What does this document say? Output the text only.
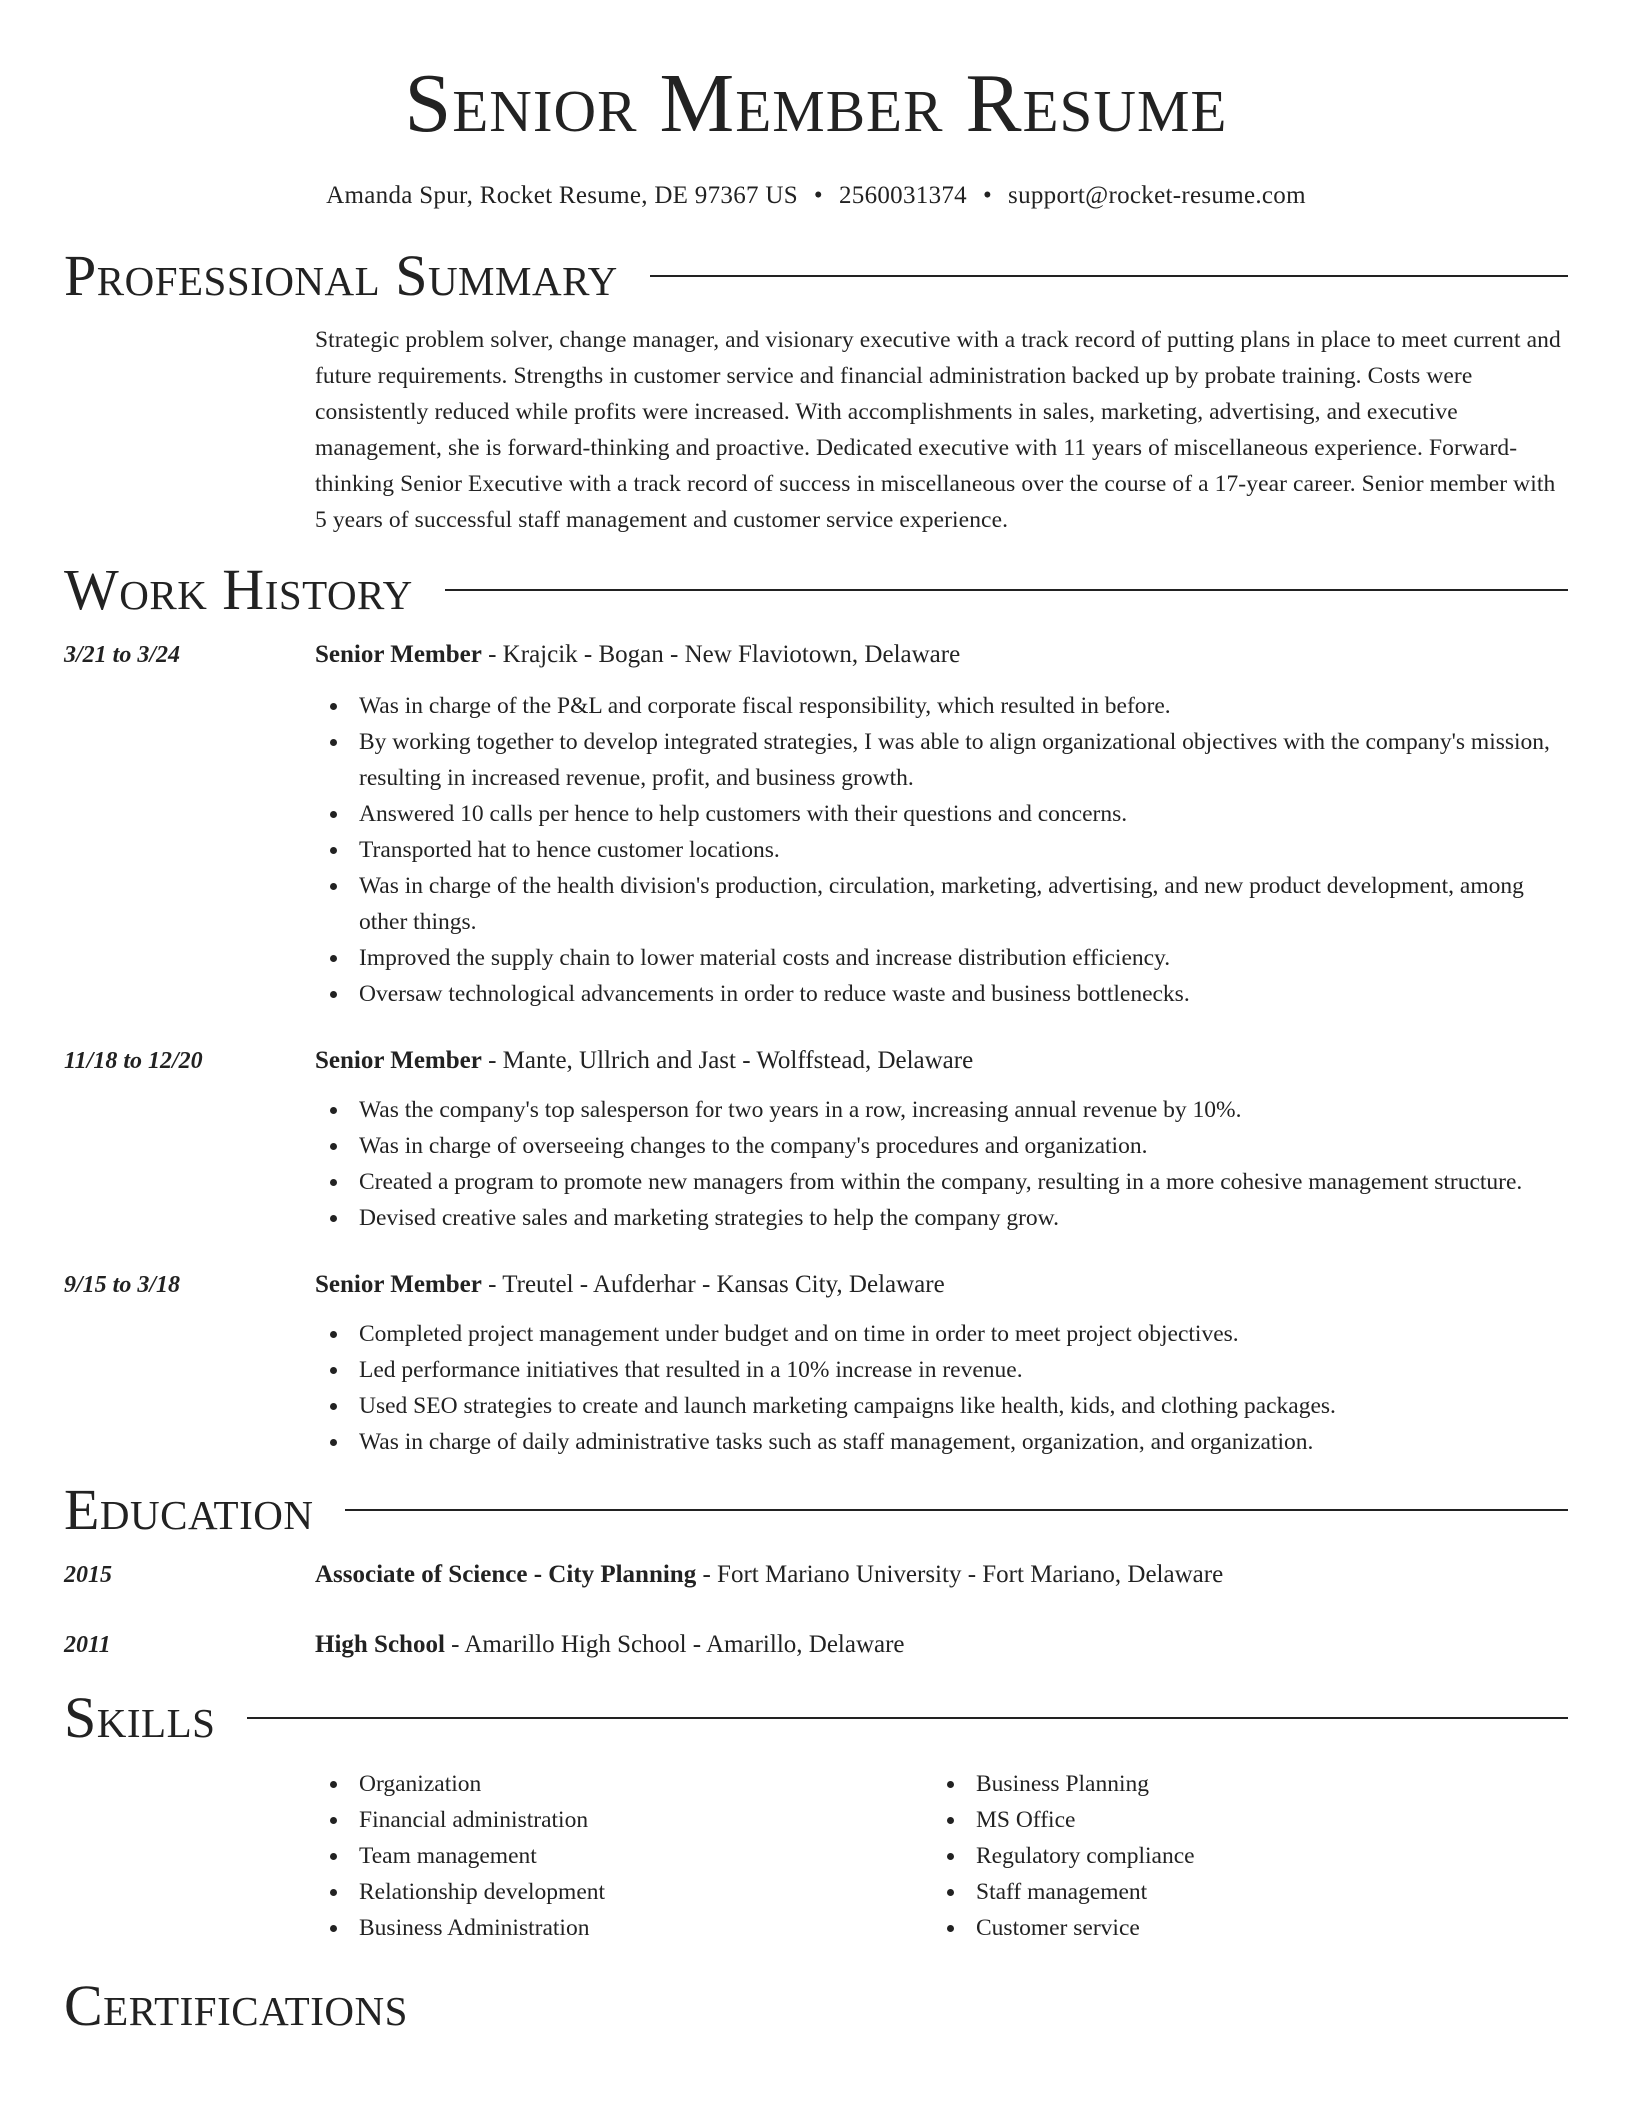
Senior Member Resume
Amanda Spur, Rocket Resume, DE 97367 US • 2560031374 • support@rocket-resume.com
Professional Summary
Strategic problem solver, change manager, and visionary executive with a track record of putting plans in place to meet current and future requirements. Strengths in customer service and financial administration backed up by probate training. Costs were consistently reduced while profits were increased. With accomplishments in sales, marketing, advertising, and executive management, she is forward-thinking and proactive. Dedicated executive with 11 years of miscellaneous experience. Forward-thinking Senior Executive with a track record of success in miscellaneous over the course of a 17-year career. Senior member with 5 years of successful staff management and customer service experience.
Work History
3/21 to 3/24	Senior Member - Krajcik - Bogan - New Flaviotown, Delaware
Was in charge of the P&L and corporate fiscal responsibility, which resulted in before.
By working together to develop integrated strategies, I was able to align organizational objectives with the company's mission, resulting in increased revenue, profit, and business growth.
Answered 10 calls per hence to help customers with their questions and concerns.
Transported hat to hence customer locations.
Was in charge of the health division's production, circulation, marketing, advertising, and new product development, among other things.
Improved the supply chain to lower material costs and increase distribution efficiency.
Oversaw technological advancements in order to reduce waste and business bottlenecks.
11/18 to 12/20	Senior Member - Mante, Ullrich and Jast - Wolffstead, Delaware
Was the company's top salesperson for two years in a row, increasing annual revenue by 10%.
Was in charge of overseeing changes to the company's procedures and organization.
Created a program to promote new managers from within the company, resulting in a more cohesive management structure.
Devised creative sales and marketing strategies to help the company grow.
9/15 to 3/18	Senior Member - Treutel - Aufderhar - Kansas City, Delaware
Completed project management under budget and on time in order to meet project objectives.
Led performance initiatives that resulted in a 10% increase in revenue.
Used SEO strategies to create and launch marketing campaigns like health, kids, and clothing packages.
Was in charge of daily administrative tasks such as staff management, organization, and organization.
Education
2015	Associate of Science - City Planning - Fort Mariano University - Fort Mariano, Delaware
2011	High School - Amarillo High School - Amarillo, Delaware
Skills
Organization
Financial administration
Team management
Relationship development
Business Administration
Business Planning
MS Office
Regulatory compliance
Staff management
Customer service
Certifications
